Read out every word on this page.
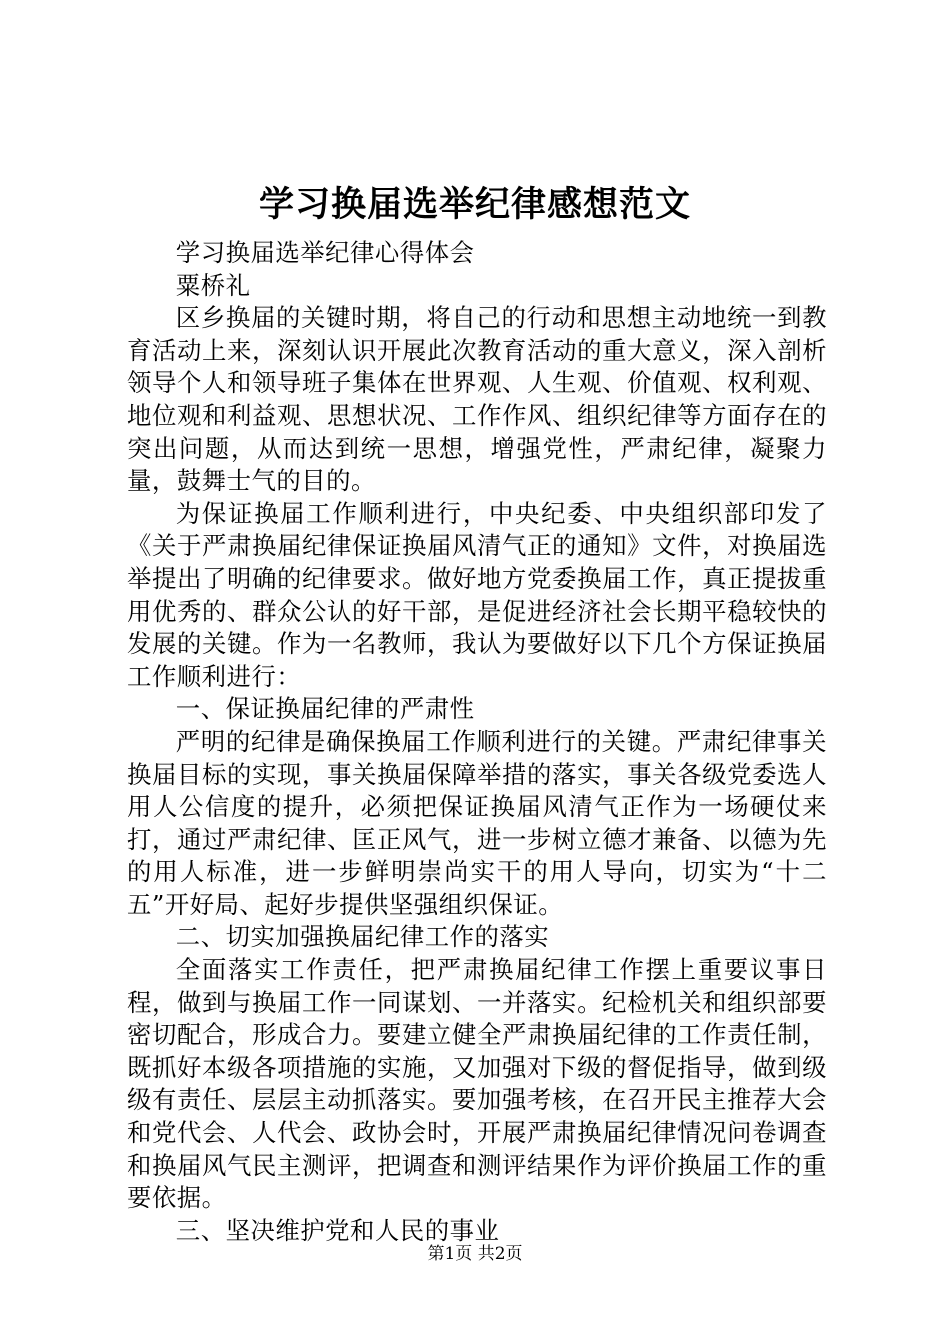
学习换届选举纪律感想范文

学习换届选举纪律心得体会

粟桥礼

区乡换届的关键时期，将自己的行动和思想主动地统一到教育活动上来，深刻认识开展此次教育活动的重大意义，深入剖析领导个人和领导班子集体在世界观、人生观、价值观、权利观、地位观和利益观、思想状况、工作作风、组织纪律等方面存在的突出问题，从而达到统一思想，增强党性，严肃纪律，凝聚力量，鼓舞士气的目的。

为保证换届工作顺利进行，中央纪委、中央组织部印发了《关于严肃换届纪律保证换届风清气正的通知》文件，对换届选举提出了明确的纪律要求。做好地方党委换届工作，真正提拔重用优秀的、群众公认的好干部，是促进经济社会长期平稳较快的发展的关键。作为一名教师，我认为要做好以下几个方保证换届工作顺利进行：

一、保证换届纪律的严肃性

严明的纪律是确保换届工作顺利进行的关键。严肃纪律事关换届目标的实现，事关换届保障举措的落实，事关各级党委选人用人公信度的提升，必须把保证换届风清气正作为一场硬仗来打，通过严肃纪律、匡正风气，进一步树立德才兼备、以德为先的用人标准，进一步鲜明崇尚实干的用人导向，切实为“十二五”开好局、起好步提供坚强组织保证。

二、切实加强换届纪律工作的落实

全面落实工作责任，把严肃换届纪律工作摆上重要议事日程，做到与换届工作一同谋划、一并落实。纪检机关和组织部要密切配合，形成合力。要建立健全严肃换届纪律的工作责任制，既抓好本级各项措施的实施，又加强对下级的督促指导，做到级级有责任、层层主动抓落实。要加强考核，在召开民主推荐大会和党代会、人代会、政协会时，开展严肃换届纪律情况问卷调查和换届风气民主测评，把调查和测评结果作为评价换届工作的重要依据。

三、坚决维护党和人民的事业

第1页 共2页
